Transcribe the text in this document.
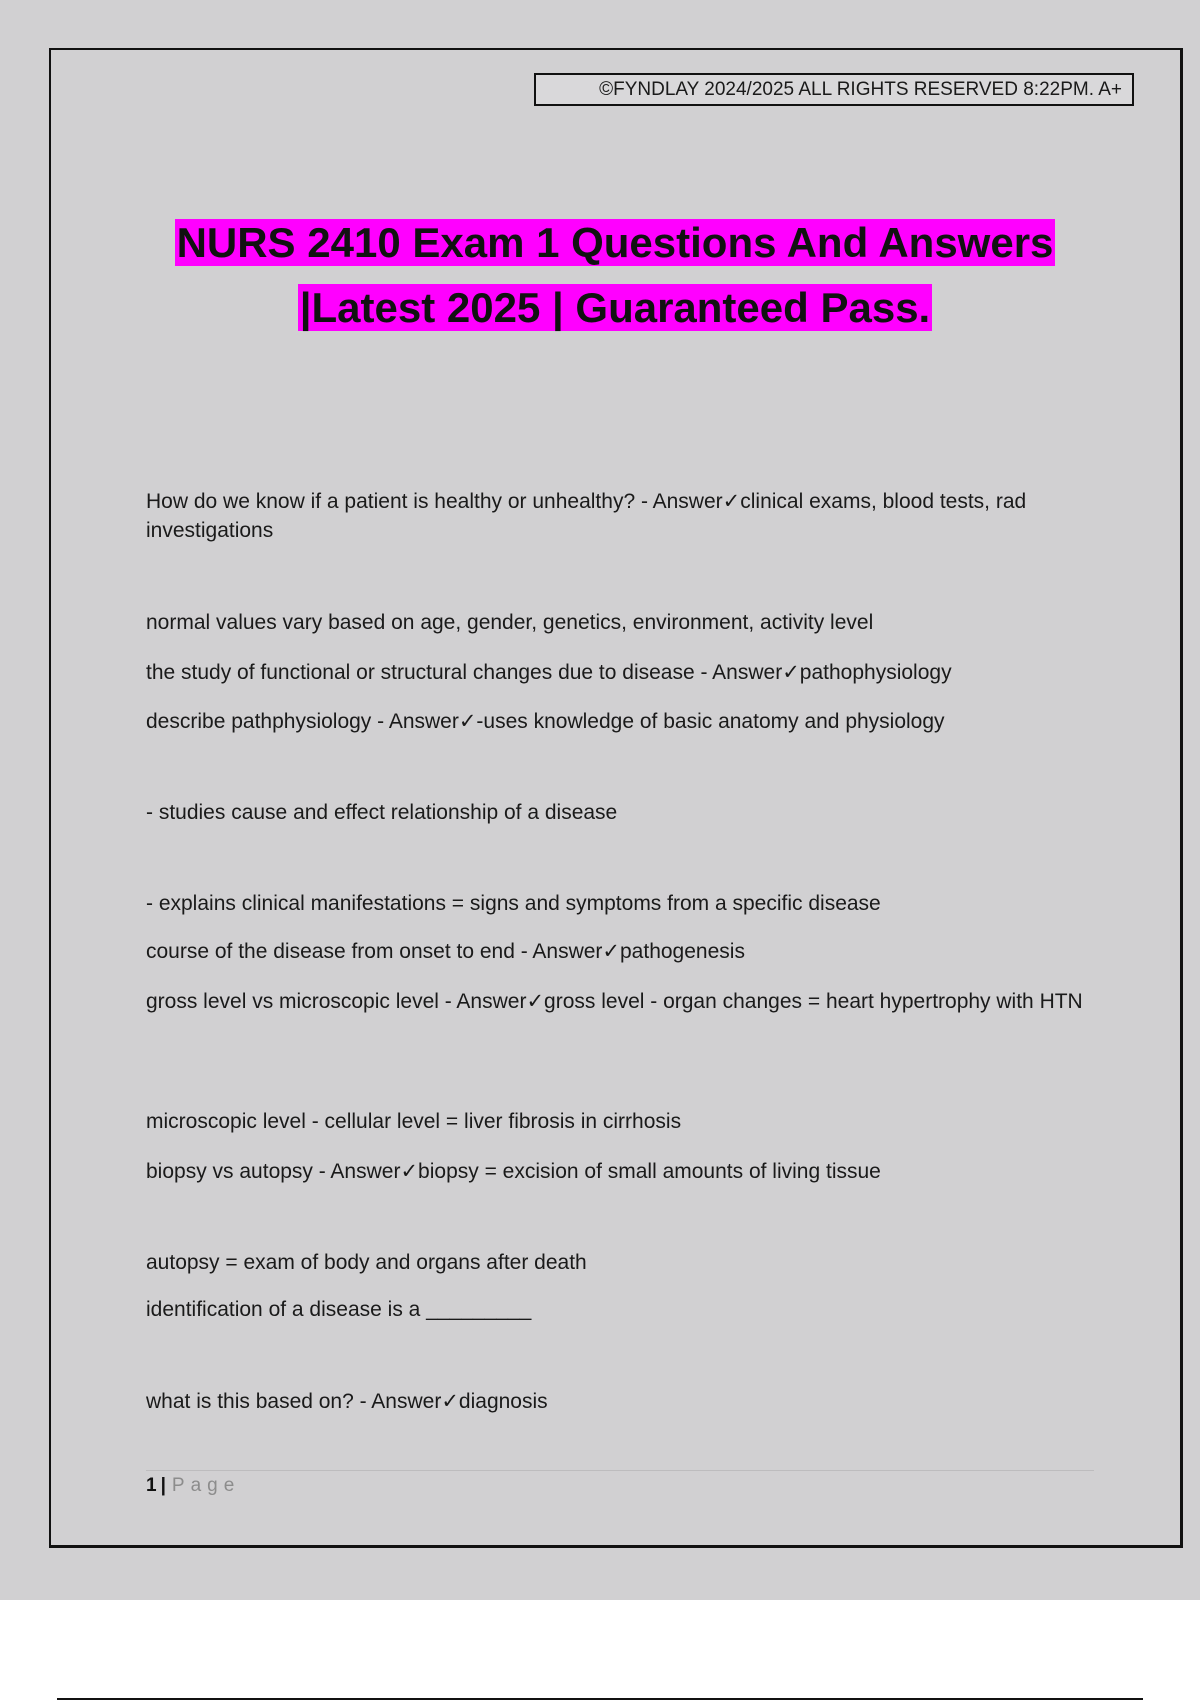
©FYNDLAY 2024/2025 ALL RIGHTS RESERVED 8:22PM. A+
NURS 2410 Exam 1 Questions And Answers
|Latest 2025 | Guaranteed Pass.
How do we know if a patient is healthy or unhealthy? - Answer✓clinical exams, blood tests, rad investigations
normal values vary based on age, gender, genetics, environment, activity level
the study of functional or structural changes due to disease - Answer✓pathophysiology
describe pathphysiology - Answer✓-uses knowledge of basic anatomy and physiology
- studies cause and effect relationship of a disease
- explains clinical manifestations = signs and symptoms from a specific disease
course of the disease from onset to end - Answer✓pathogenesis
gross level vs microscopic level - Answer✓gross level - organ changes = heart hypertrophy with HTN
microscopic level - cellular level = liver fibrosis in cirrhosis
biopsy vs autopsy - Answer✓biopsy = excision of small amounts of living tissue
autopsy = exam of body and organs after death
identification of a disease is a _________
what is this based on? - Answer✓diagnosis
1 | Page
